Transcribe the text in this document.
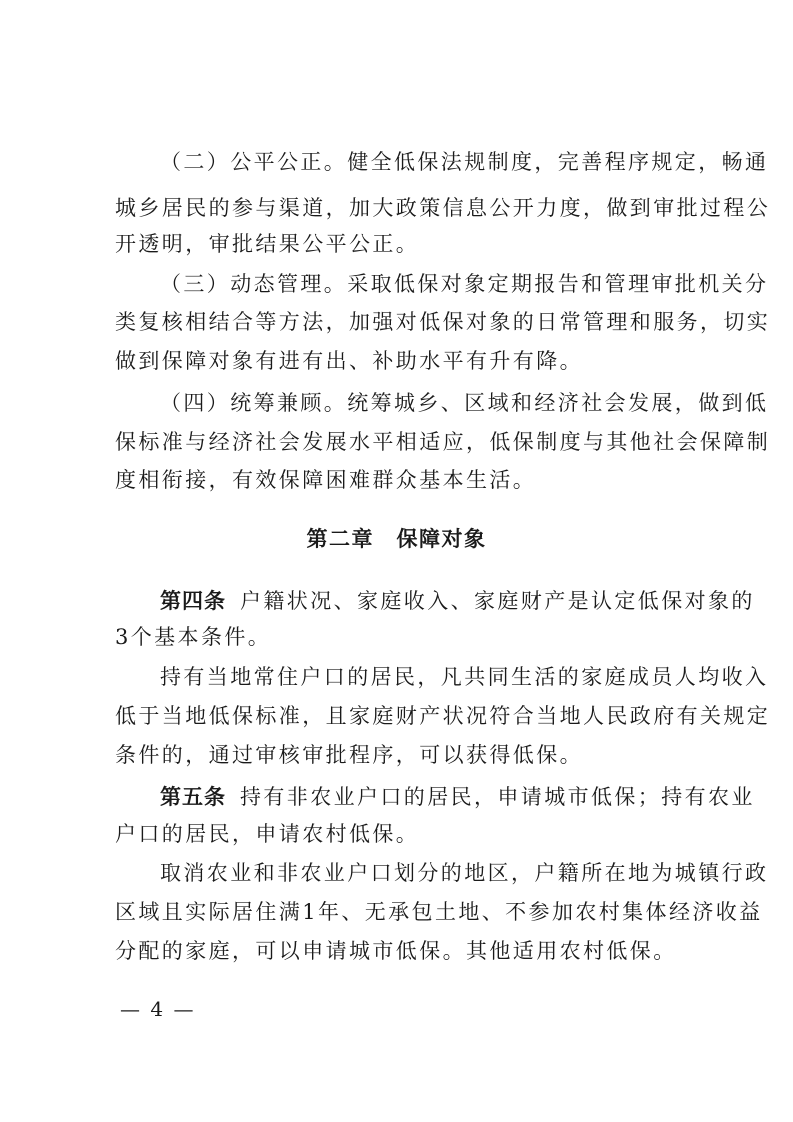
（二）公平公正。健全低保法规制度，完善程序规定，畅通
城乡居民的参与渠道，加大政策信息公开力度，做到审批过程公
开透明，审批结果公平公正。
（三）动态管理。采取低保对象定期报告和管理审批机关分
类复核相结合等方法，加强对低保对象的日常管理和服务，切实
做到保障对象有进有出、补助水平有升有降。
（四）统筹兼顾。统筹城乡、区域和经济社会发展，做到低
保标准与经济社会发展水平相适应，低保制度与其他社会保障制
度相衔接，有效保障困难群众基本生活。
第二章　保障对象
第四条 户籍状况、家庭收入、家庭财产是认定低保对象的
3个基本条件。
持有当地常住户口的居民，凡共同生活的家庭成员人均收入
低于当地低保标准，且家庭财产状况符合当地人民政府有关规定
条件的，通过审核审批程序，可以获得低保。
第五条 持有非农业户口的居民，申请城市低保；持有农业
户口的居民，申请农村低保。
取消农业和非农业户口划分的地区，户籍所在地为城镇行政
区域且实际居住满1年、无承包土地、不参加农村集体经济收益
分配的家庭，可以申请城市低保。其他适用农村低保。
— 4 —
